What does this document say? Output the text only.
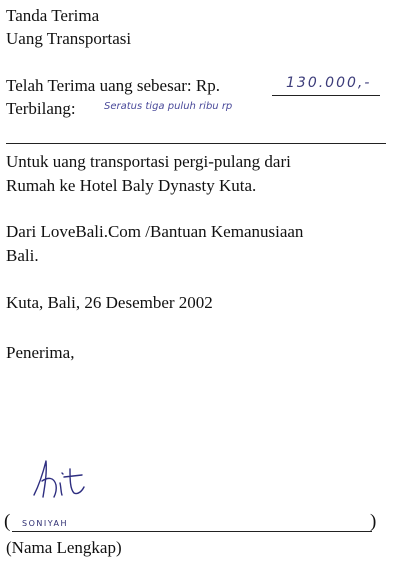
Tanda Terima
Uang Transportasi
Telah Terima uang sebesar: Rp.	130.000,-
Terbilang:	Seratus tiga puluh ribu rp
Untuk uang transportasi pergi-pulang dari
Rumah ke Hotel Baly Dynasty Kuta.
Dari LoveBali.Com /Bantuan Kemanusiaan
Bali.
Kuta, Bali, 26 Desember 2002
Penerima,
( SONIYAH	)
(Nama Lengkap)
